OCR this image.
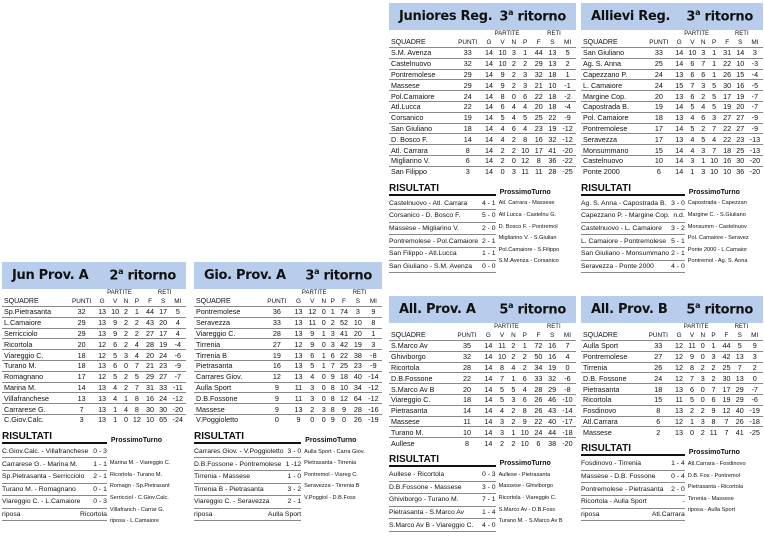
Jun Prov. A 2$^a$ ritorno
		PARTITE				RETI		
SQUADRE	PUNTI	G	V	N	P	F	S	MI
Sp.Pietrasanta	32	13	10	2	1	44	17	5
L.Camaiore	29	13	9	2	2	43	20	4
Serricciolo	29	13	9	2	2	27	17	4
Ricortola	20	12	6	2	4	28	19	-4
Viareggio C.	18	12	5	3	4	20	24	-6
Turano M.	18	13	6	0	7	21	23	-9
Romagnano	17	12	5	2	5	29	27	-7
Marina M.	14	13	4	2	7	31	33	-11
Villafranchese	13	13	4	1	8	16	24	-12
Carrarese G.	7	13	1	4	8	30	30	-20
C.Giov.Calc.	3	13	1	0	12	10	65	-24
RISULTATI	ProssimoTurno
C.Giov.Calc. - Villafranchese 0 - 3
Carrarese G. - Marina M. 1 - 1
Sp.Pietrasanta - Serricciolo 2 - 1
Turano M. - Romagnano	0 - 1
Viareggio C. - L.Camaiore 0 - 3
riposa	Ricortola
Marina M. - Viareggio C.
Ricortola - Turano M.
Romagn - Sp.Pietrasant
Serricciol - C.Giov.Calc.
Villafranch - Carrar G.
riposa - L.Camaiore
Gio. Prov. A 3$^a$ ritorno
		PARTITE				RETI		
SQUADRE	PUNTI	G	V	N	P	F	S	MI
Pontremolese	36	13	12	0	1	74	3	9
Seravezza	33	13	11	0	2	52	10	8
Viareggio C.	28	13	9	1	3	41	20	1
Tirrenia	27	12	9	0	3	42	19	3
Tirrenia B	19	13	6	1	6	22	38	-8
Pietrasanta	16	13	5	1	7	25	23	-9
Carrares Giov.	12	13	4	0	9	18	40	-14
Aulla Sport	9	11	3	0	8	10	34	-12
D.B.Fossone	9	11	3	0	8	12	64	-12
Massese	9	13	2	3	8	9	28	-16
V.Poggioletto	0	9	0	0	9	0	26	-19
RISULTATI	ProssimoTurno
Carrares Giov. - V.Poggioletto 3 - 0
D.B.Fossone - Pontremolese 1 -12
Tirrenia - Massese	1 - 0
Tirrenia B - Pietrasanta	3 - 2
Viareggio C. - Seravezza	2 - 1
riposa	Aulla Sport
Aulla Sport - Carra Giov.
Pietrasanta - Tirrenia
Pontremol - Viareg C.
Seravezza - Tirrenia B
V.Poggiol - D.B.Foss
Juniores Reg. 3$^a$ ritorno
		PARTITE				RETI		
SQUADRE	PUNTI	G	V	N	P	F	S	MI
S.M. Avenza	33	14	10	3	1	44	13	5
Castelnuovo	32	14	10	2	2	29	13	2
Pontremolese	29	14	9	2	3	32	18	1
Massese	29	14	9	2	3	21	10	-1
Pol.Camaiore	24	14	8	0	6	22	18	-2
Atl.Lucca	22	14	6	4	4	20	18	-4
Corsanico	19	14	5	4	5	25	22	-9
San Giuliano	18	14	4	6	4	23	19	-12
D. Bosco F.	14	14	4	2	8	16	32	-12
Atl. Carrara	8	14	2	2	10	17	41	-20
Migliarino V.	6	14	2	0	12	8	36	-22
San Filippo	3	14	0	3	11	11	28	-25
RISULTATI	ProssimoTurno
Castelnuovo - Atl. Carrara 4 - 1
Corsanico - D. Bosco F.	5 - 0
Massese - Migliarino V.	2 - 0
Pontremolese - Pol.Camaiore 2 - 1
San Filippo - Atl.Lucca	1 - 1
San Giuliano - S.M. Avenza 0 - 0
Atl. Carrara - Massese
Atl Lucca - Castelnu G.
D. Bosco F. - Pontremol
Migliarino V. - S.Giulian
Pol.Camaiore - S.Filippo
S.M.Avenza - Corsanico
Allievi Reg. 3$^a$ ritorno
		PARTITE				RETI		
SQUADRE	PUNTI	G	V	N	P	F	S	MI
San Giuliano	33	14	10	3	1	31	14	3
Ag. S. Anna	25	14	6	7	1	22	10	-3
Capezzano P.	24	13	6	6	1	26	15	-4
L. Camaiore	24	15	7	3	5	30	16	-5
Margine Cop.	20	13	6	2	5	17	19	-7
Capostrada B.	19	14	5	4	5	19	20	-7
Pol. Camaiore	18	13	4	6	3	27	27	-9
Pontremolese	17	14	5	2	7	22	27	-9
Seravezza	17	13	4	5	4	22	23	-13
Monsummano	15	14	4	3	7	18	25	-13
Castelnuovo	10	14	3	1	10	16	30	-20
Ponte 2000	6	14	1	3	10	10	36	-20
RISULTATI	ProssimoTurno
Ag. S. Anna - Capostrada B. 3 - 0
Capezzano P. - Margine Cop. n.d.
Castelnuovo - L. Camaiore 3 - 2
L. Camaiore - Pontremolese 5 - 1
San Giuliano - Monsummano 2 - 1
Seravezza - Ponte 2000	4 - 0
Capostrada - Capezzan
Margine C. - S.Giuliano
Monsumm - Castelnuov
Pol. Camaiore - Seravez
Ponte 2000 - L.Camaior
Pontremol - Ag. S. Anna
All. Prov. A 5$^a$ ritorno
		PARTITE				RETI		
SQUADRE	PUNTI	G	V	N	P	F	S	MI
S.Marco Av	35	14	11	2	1	72	16	7
Ghiviborgo	32	14	10	2	2	50	16	4
Ricortola	28	14	8	4	2	34	19	0
D.B.Fossone	22	14	7	1	6	33	32	-6
S.Marco Av B	20	14	5	5	4	28	29	-8
Viareggio C.	18	14	5	3	6	26	46	-10
Pietrasanta	14	14	4	2	8	26	43	-14
Massese	11	14	3	2	9	22	40	-17
Turano M.	10	14	3	1	10	24	44	-18
Aullese	8	14	2	2	10	6	38	-20
RISULTATI	ProssimoTurno
Aullese - Ricortola	0 - 3
D.B.Fossone - Massese	3 - 0
Ghiviborgo - Turano M.	7 - 1
Pietrasanta - S.Marco Av	1 - 4
S.Marco Av B - Viareggio C. 4 - 0
Aullese - Pietrasanta
Massese - Ghiviborgo
Ricortola - Viareggio C.
S.Marco Av - D.B.Foss
Turano M. - S.Marco Av B
All. Prov. B 5$^a$ ritorno
		PARTITE				RETI		
SQUADRE	PUNTI	G	V	N	P	F	S	MI
Aulla Sport	33	12	11	0	1	44	5	9
Pontremolese	27	12	9	0	3	42	13	3
Tirrenia	26	12	8	2	2	25	7	2
D.B. Fossone	24	12	7	3	2	30	13	0
Pietrasanta	18	13	6	0	7	17	29	-7
Ricortola	15	11	5	0	6	19	29	-6
Fosdinovo	8	13	2	2	9	12	40	-19
Atl.Carrara	6	12	1	3	8	7	26	-18
Massese	2	13	0	2	11	7	41	-25
RISULTATI	ProssimoTurno
Fosdinovo - Tirrenia	1 - 4
Massese - D.B. Fossone 0 - 4
Pontremolese - Pietrasanta 2 - 0
Ricortola - Aulla Sport	-
riposa	Atl.Carrara
Atl.Carrara - Fosdinovo
D.B. Fos - Pontremol
Pietrasanta - Ricortola
Tirrenia - Massese
riposa - Aulla Sport
